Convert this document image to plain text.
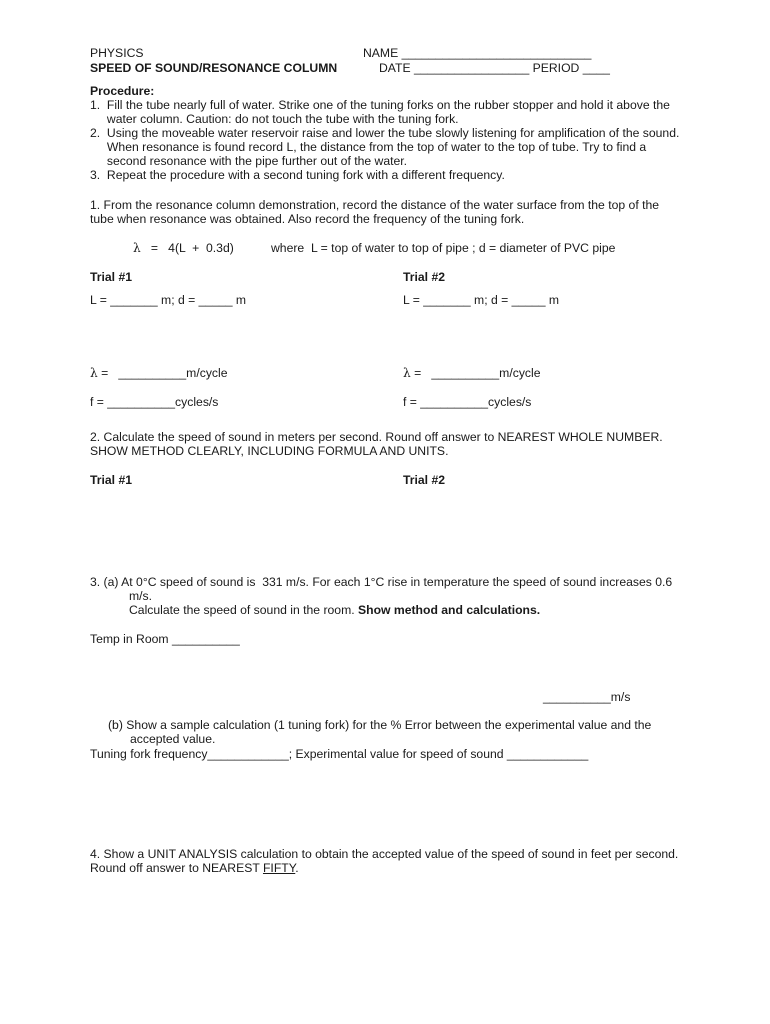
PHYSICS
SPEED OF SOUND/RESONANCE COLUMN
NAME ____________________________
DATE _________________ PERIOD ____
Procedure:
1.  Fill the tube nearly full of water. Strike one of the tuning forks on the rubber stopper and hold it above the
water column. Caution: do not touch the tube with the tuning fork.
2.  Using the moveable water reservoir raise and lower the tube slowly listening for amplification of the sound.
When resonance is found record L, the distance from the top of water to the top of tube. Try to find a
second resonance with the pipe further out of the water.
3.  Repeat the procedure with a second tuning fork with a different frequency.
1. From the resonance column demonstration, record the distance of the water surface from the top of the
tube when resonance was obtained. Also record the frequency of the tuning fork.
λ =   4(L  +  0.3d)	where  L = top of water to top of pipe ; d = diameter of PVC pipe
Trial #1	Trial #2
L = _______ m; d = _____ m	L = _______ m; d = _____ m
λ =   __________m/cycle	λ =   __________m/cycle
f = __________cycles/s	f = __________cycles/s
2. Calculate the speed of sound in meters per second. Round off answer to NEAREST WHOLE NUMBER.
SHOW METHOD CLEARLY, INCLUDING FORMULA AND UNITS.
Trial #1	Trial #2
3. (a) At 0°C speed of sound is  331 m/s. For each 1°C rise in temperature the speed of sound increases 0.6
m/s.
Calculate the speed of sound in the room. Show method and calculations.
Temp in Room __________
__________m/s
(b) Show a sample calculation (1 tuning fork) for the % Error between the experimental value and the
accepted value.
Tuning fork frequency____________; Experimental value for speed of sound ____________
4. Show a UNIT ANALYSIS calculation to obtain the accepted value of the speed of sound in feet per second.
Round off answer to NEAREST FIFTY.
